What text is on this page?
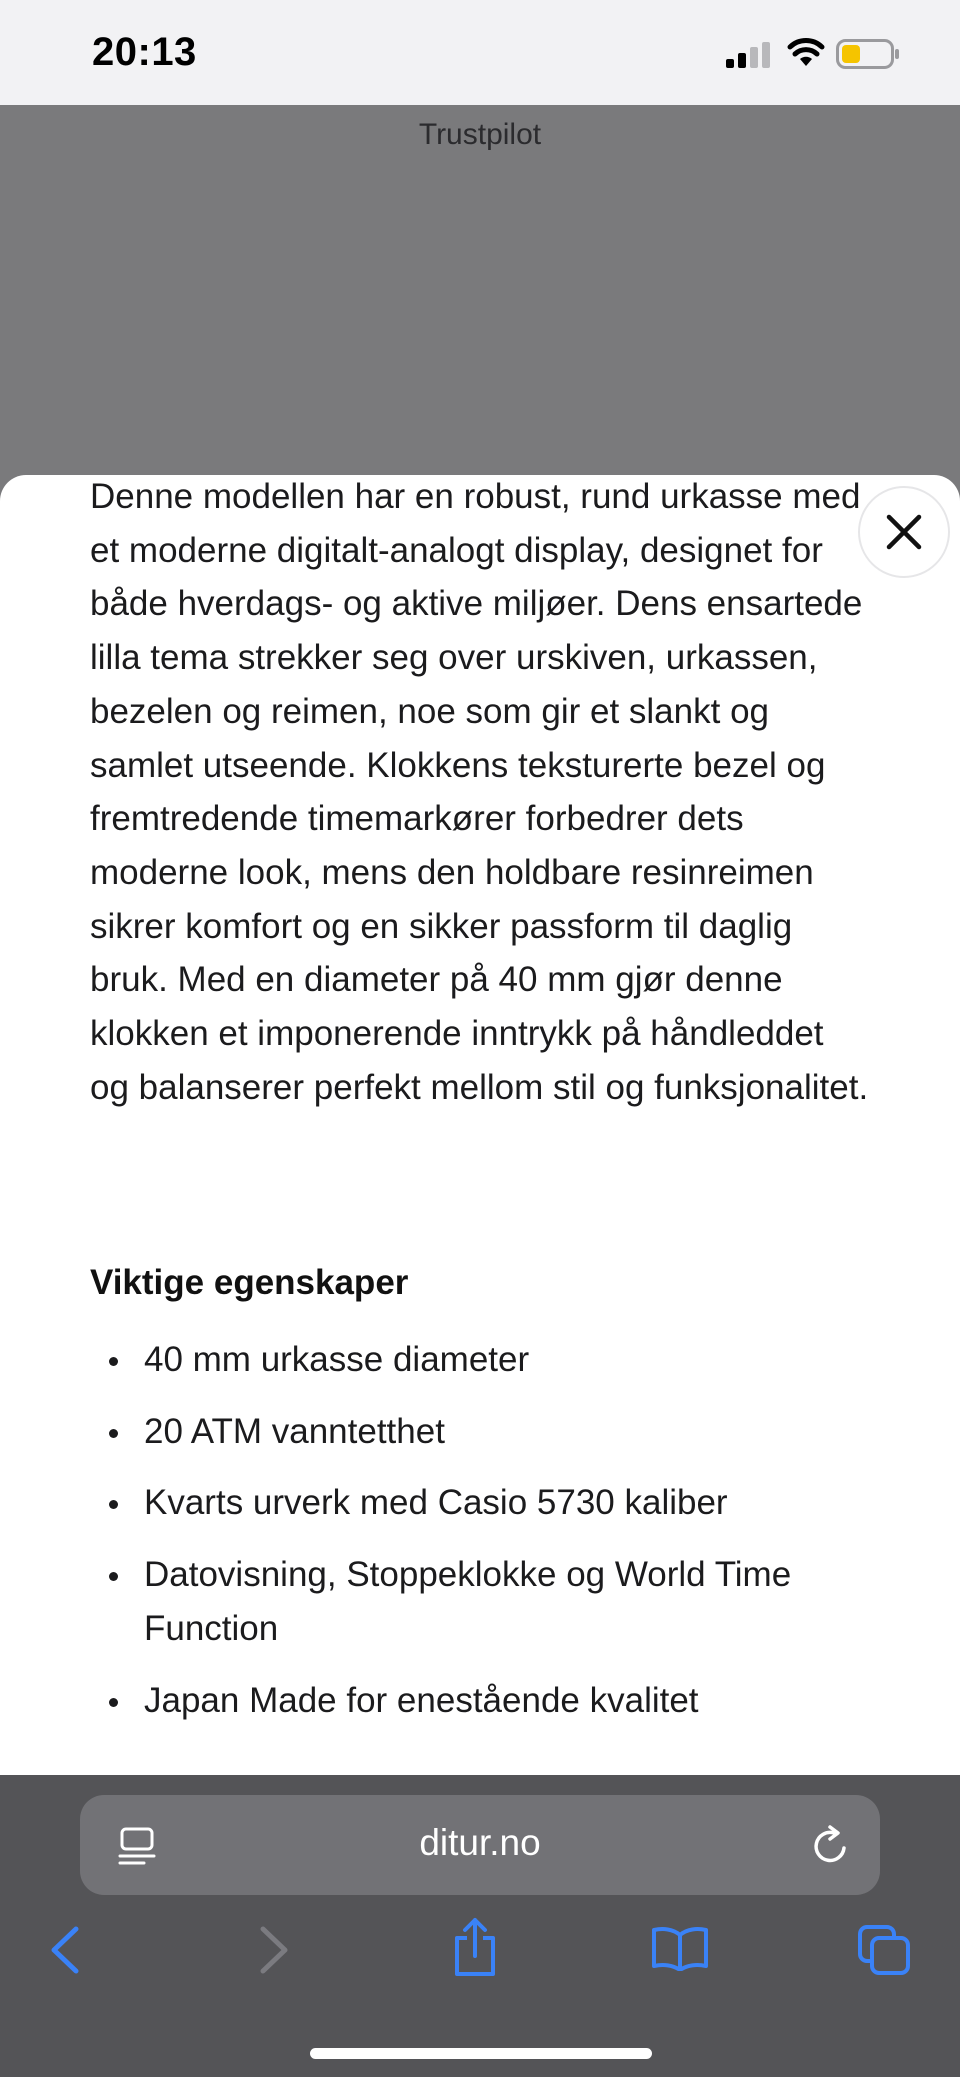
20:13
Trustpilot

Denne modellen har en robust, rund urkasse med et moderne digitalt-analogt display, designet for både hverdags- og aktive miljøer. Dens ensartede lilla tema strekker seg over urskiven, urkassen, bezelen og reimen, noe som gir et slankt og samlet utseende. Klokkens teksturerte bezel og fremtredende timemarkører forbedrer dets moderne look, mens den holdbare resinreimen sikrer komfort og en sikker passform til daglig bruk. Med en diameter på 40 mm gjør denne klokken et imponerende inntrykk på håndleddet og balanserer perfekt mellom stil og funksjonalitet.

Viktige egenskaper
40 mm urkasse diameter
20 ATM vanntetthet
Kvarts urverk med Casio 5730 kaliber
Datovisning, Stoppeklokke og World Time Function
Japan Made for enestående kvalitet
ditur.no
